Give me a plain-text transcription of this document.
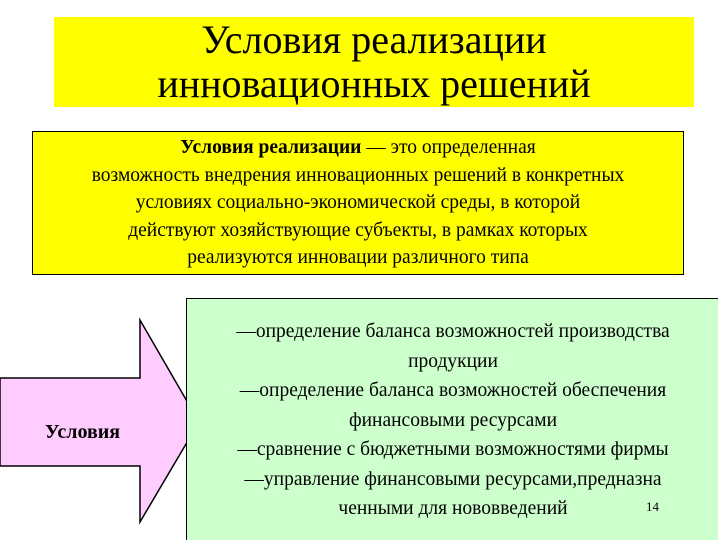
Условия реализации
инновационных решений
Условия реализации — это определенная
возможность внедрения инновационных решений в конкретных
условиях социально-экономической среды, в которой
действуют хозяйствующие субъекты, в рамках которых
реализуются инновации различного типа
Условия
—определение баланса возможностей производства
продукции
—определение баланса возможностей обеспечения
финансовыми ресурсами
—сравнение с бюджетными возможностями фирмы
—управление финансовыми ресурсами,предназна
ченными для нововведений	14
